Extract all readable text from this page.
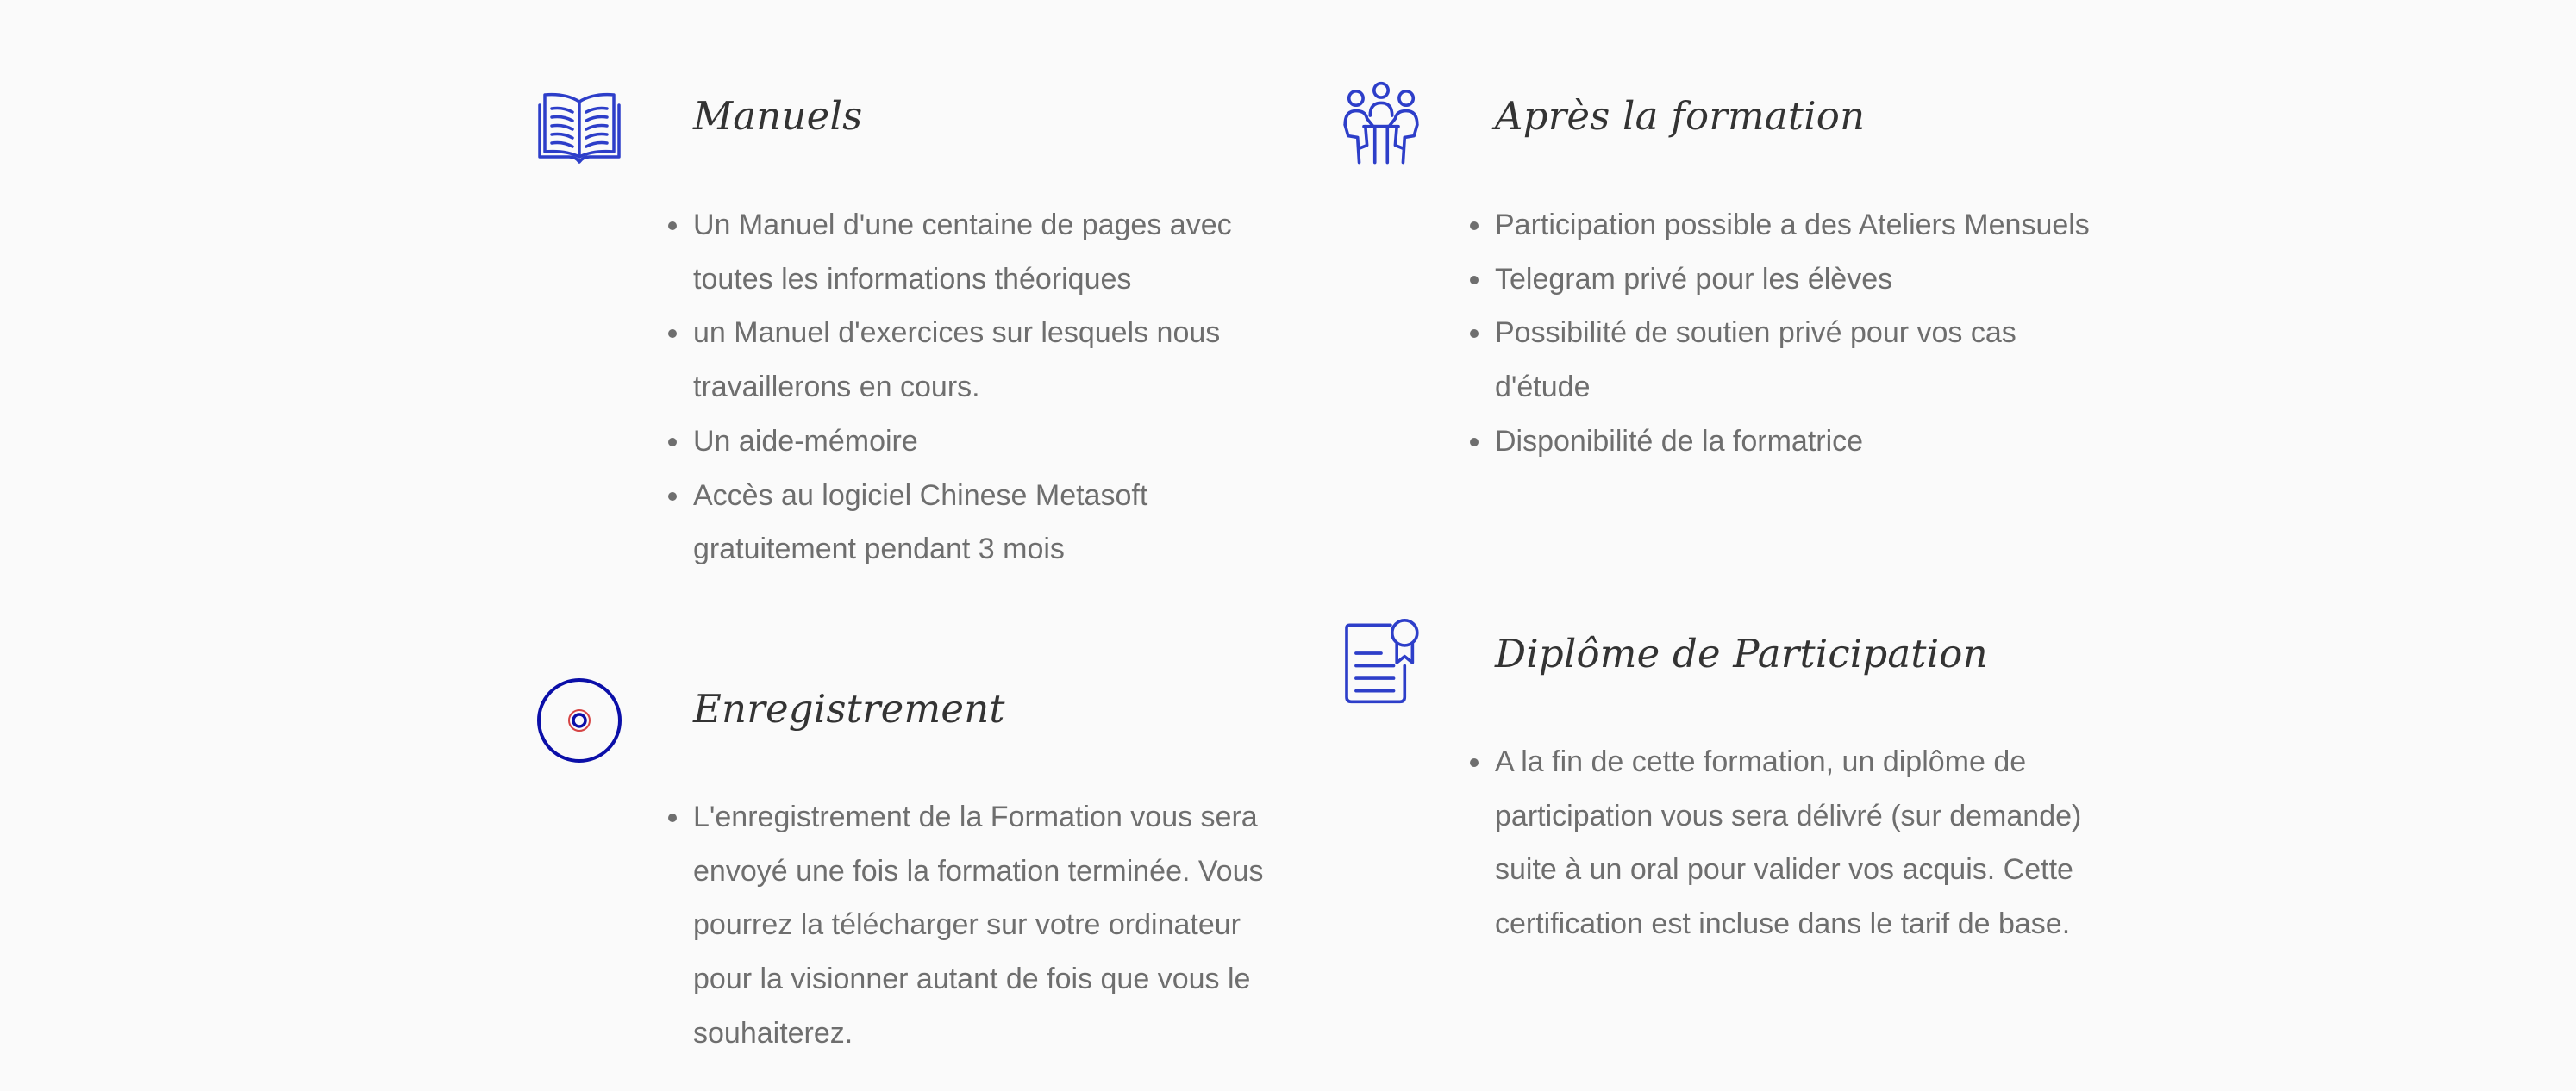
Manuels
Un Manuel d'une centaine de pages avec toutes les informations théoriques
un Manuel d'exercices sur lesquels nous travaillerons en cours.
Un aide-mémoire
Accès au logiciel Chinese Metasoft gratuitement pendant 3 mois
Après la formation
Participation possible a des Ateliers Mensuels
Telegram privé pour les élèves
Possibilité de soutien privé pour vos cas d'étude
Disponibilité de la formatrice
Enregistrement
L'enregistrement de la Formation vous sera envoyé une fois la formation terminée. Vous pourrez la télécharger sur votre ordinateur pour la visionner autant de fois que vous le souhaiterez.
Diplôme de Participation
A la fin de cette formation, un diplôme de participation vous sera délivré (sur demande) suite à un oral pour valider vos acquis. Cette certification est incluse dans le tarif de base.
